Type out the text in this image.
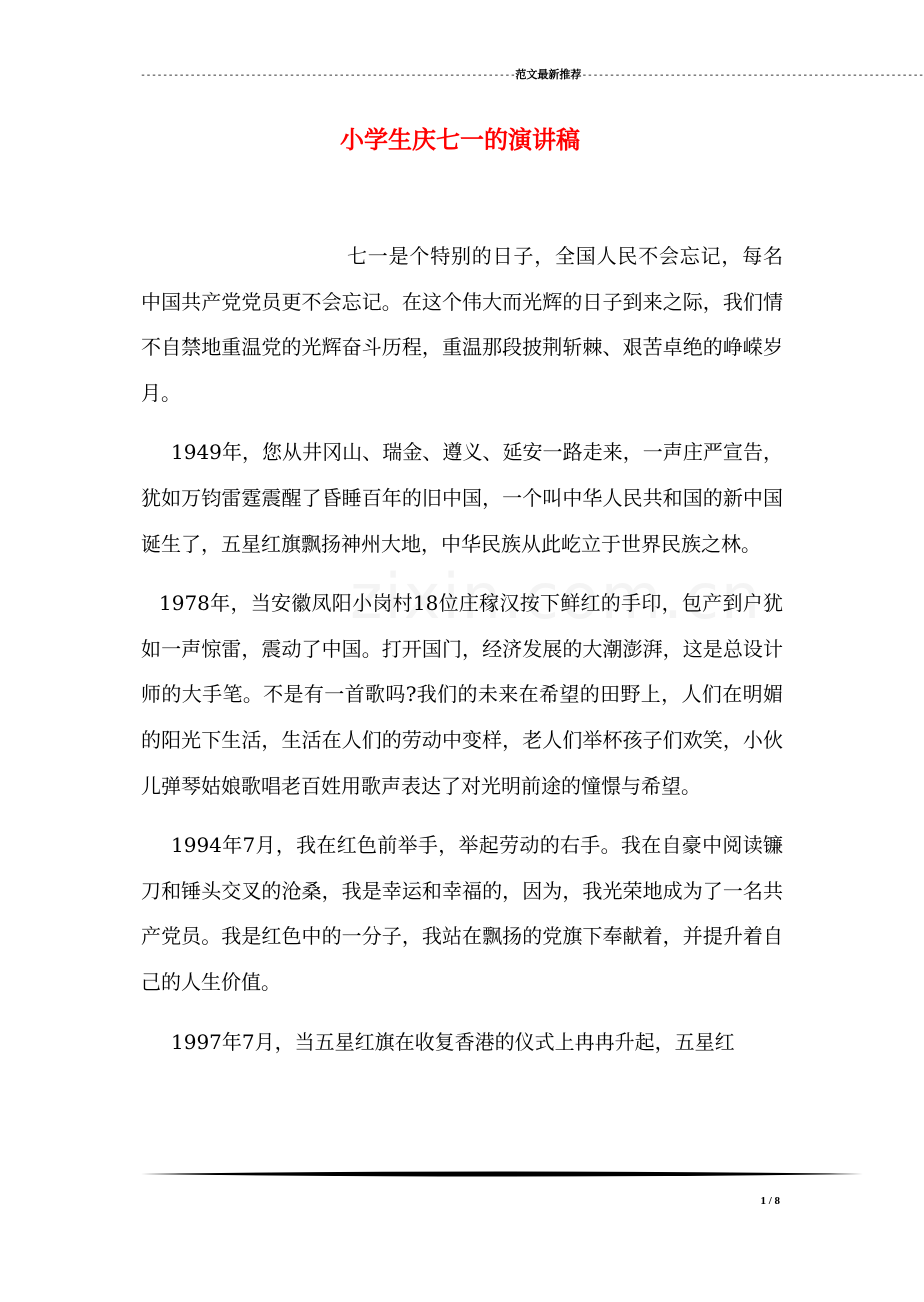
--------------------------------------------------------------------范文最新推荐--------------------------------------------------------------
小学生庆七一的演讲稿

七一是个特别的日子，全国人民不会忘记，每名中国共产党党员更不会忘记。在这个伟大而光辉的日子到来之际，我们情不自禁地重温党的光辉奋斗历程，重温那段披荆斩棘、艰苦卓绝的峥嵘岁月。

1949年，您从井冈山、瑞金、遵义、延安一路走来，一声庄严宣告，犹如万钧雷霆震醒了昏睡百年的旧中国，一个叫中华人民共和国的新中国诞生了，五星红旗飘扬神州大地，中华民族从此屹立于世界民族之林。

1978年，当安徽凤阳小岗村18位庄稼汉按下鲜红的手印，包产到户犹如一声惊雷，震动了中国。打开国门，经济发展的大潮澎湃，这是总设计师的大手笔。不是有一首歌吗?我们的未来在希望的田野上，人们在明媚的阳光下生活，生活在人们的劳动中变样，老人们举杯孩子们欢笑，小伙儿弹琴姑娘歌唱老百姓用歌声表达了对光明前途的憧憬与希望。

1994年7月，我在红色前举手，举起劳动的右手。我在自豪中阅读镰刀和锤头交叉的沧桑，我是幸运和幸福的，因为，我光荣地成为了一名共产党员。我是红色中的一分子，我站在飘扬的党旗下奉献着，并提升着自己的人生价值。

1997年7月，当五星红旗在收复香港的仪式上冉冉升起，五星红

1 / 8
